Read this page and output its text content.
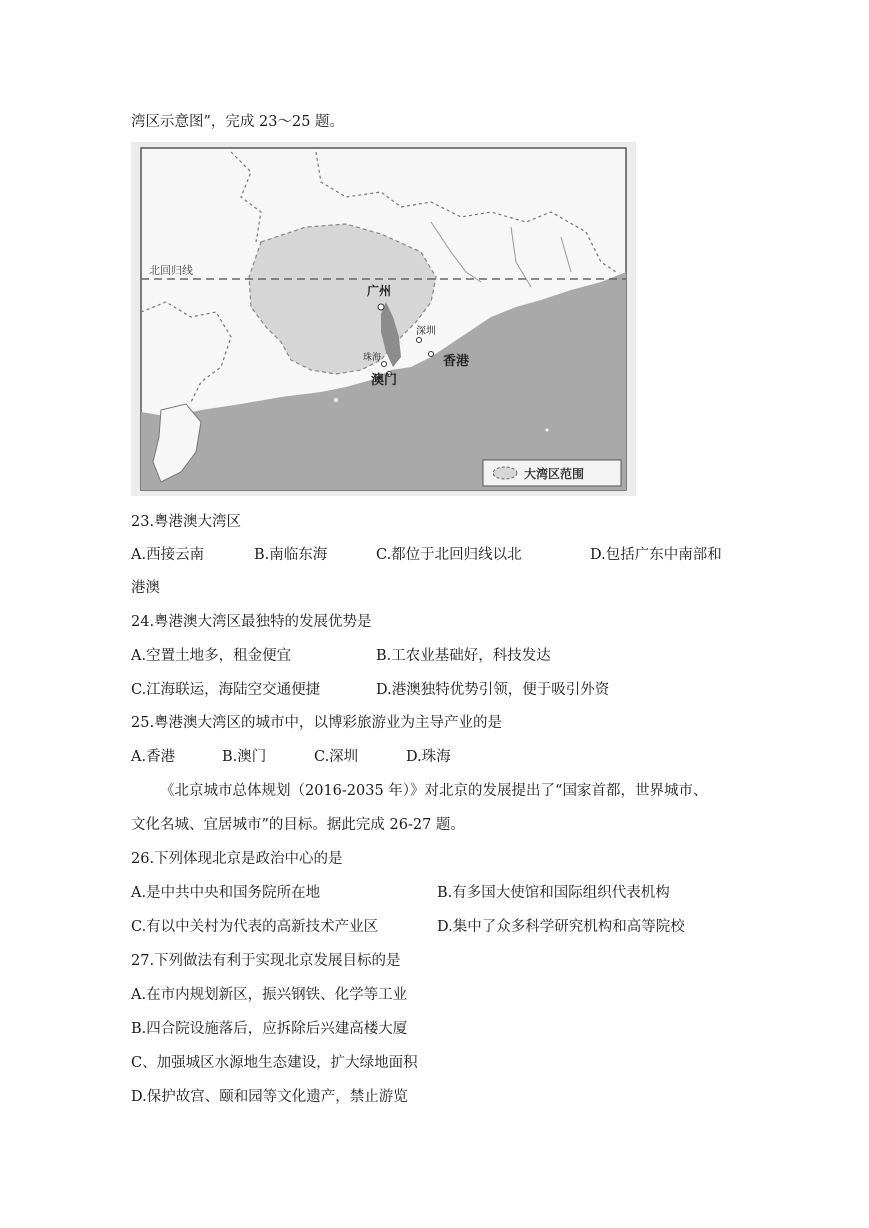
湾区示意图”，完成 23～25 题。
北回归线
广州
深圳
香港
珠海
澳门
大湾区范围
23.粤港澳大湾区
A.西接云南	B.南临东海	C.都位于北回归线以北	D.包括广东中南部和
港澳
24.粤港澳大湾区最独特的发展优势是
A.空置土地多，租金便宜	B.工农业基础好，科技发达
C.江海联运，海陆空交通便捷	D.港澳独特优势引领，便于吸引外资
25.粤港澳大湾区的城市中，以博彩旅游业为主导产业的是
A.香港	B.澳门	C.深圳	D.珠海
《北京城市总体规划（2016-2035 年）》对北京的发展提出了“国家首都，世界城市、
文化名城、宜居城市”的目标。据此完成 26-27 题。
26.下列体现北京是政治中心的是
A.是中共中央和国务院所在地	B.有多国大使馆和国际组织代表机构
C.有以中关村为代表的高新技术产业区	D.集中了众多科学研究机构和高等院校
27.下列做法有利于实现北京发展目标的是
A.在市内规划新区，振兴钢铁、化学等工业
B.四合院设施落后，应拆除后兴建高楼大厦
C、加强城区水源地生态建设，扩大绿地面积
D.保护故宫、颐和园等文化遗产，禁止游览
